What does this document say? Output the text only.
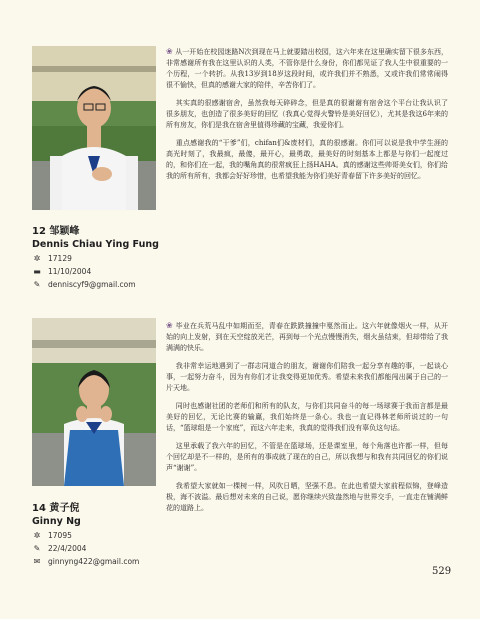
12 邹颖峰
Dennis Chiau Ying Fung
✲ 17129
▬ 11/10/2004
✎ denniscyf9@gmail.com

❀ 从一开始在校园迷路N次到现在马上就要踏出校园，这六年来在这里确实留下很多东西，非常感谢所有我在这里认识的人类，不管你是什么身份，你们都见证了我人生中很重要的一个历程，一个转折。从我13岁到18岁这段时间，或许我们并不熟悉，又或许我们常常闹得很不愉快，但真的感谢大家的陪伴，辛苦你们了。

其实真的很感谢宿舍，虽然我每天碎碎念，但是真的很谢谢有宿舍这个平台让我认识了很多朋友，也创造了很多美好的回忆（我真心觉得火警铃是美好回忆），尤其是我这6年来的所有房友，你们是我在宿舍里值得珍藏的宝藏，我爱你们。

重点感谢我的“干爹”们，chifan们&废材们，真的很感谢。你们可以说是我中学生涯的高光时刻了，我最疯，最傻，最开心，最勇敢，最美好的时刻基本上都是与你们一起度过的，和你们在一起，我的嘴角真的很常疯狂上扬HAHA。真的感谢这些帅哥美女们，你们给我的所有所有，我都会好好珍惜，也希望我能为你们美好青春留下许多美好的回忆。

14 黄子倪
Ginny Ng
✲ 17095
✎ 22/4/2004
✉ ginnyng422@gmail.com

❀ 毕业在兵荒马乱中如期而至，青春在跌跌撞撞中戛然而止。这六年就像烟火一样，从开始的向上发射，到在天空绽放光芒，再到每一个光点慢慢消失，烟火虽结束，但却带给了我满满的快乐。

我非常幸运地遇到了一群志同道合的朋友，谢谢你们陪我一起分享有趣的事，一起谈心事，一起努力奋斗，因为有你们才让我变得更加优秀。希望未来我们都能闯出属于自己的一片天地。

同时也感谢社团的老师们和所有的队友，与你们共同奋斗的每一场球赛于我而言都是最美好的回忆，无论比赛的输赢，我们始终是一条心。我也一直记得林老师所说过的一句话，“篮球组是一个家庭”，而这六年走来，我真的觉得我们没有辜负这句话。

这里承载了我六年的回忆，不管是在篮球场，还是课室里，每个角落也许都一样，但每个回忆却是不一样的，是所有的事成就了现在的自己，所以我想与和我有共同回忆的你们说声“谢谢”。

我希望大家就如一棵树一样，风吹日晒，坚强不息。在此也希望大家前程似锦，登峰造极，海不波溢。最后想对未来的自己说，愿你继续兴致盎然地与世界交手，一直走在铺满鲜花的道路上。

529
